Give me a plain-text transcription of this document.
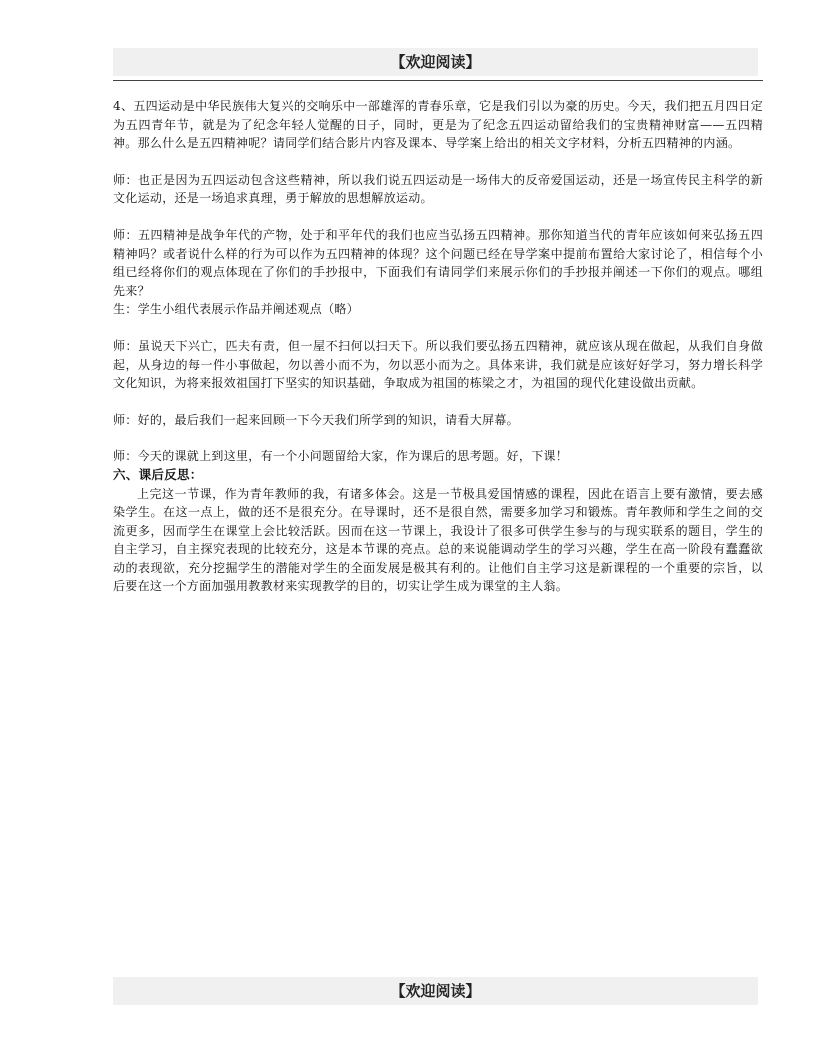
【欢迎阅读】

4、五四运动是中华民族伟大复兴的交响乐中一部雄浑的青春乐章，它是我们引以为豪的历史。今天，我们把五月四日定为五四青年节，就是为了纪念年轻人觉醒的日子，同时，更是为了纪念五四运动留给我们的宝贵精神财富——五四精神。那么什么是五四精神呢？请同学们结合影片内容及课本、导学案上给出的相关文字材料，分析五四精神的内涵。

师：也正是因为五四运动包含这些精神，所以我们说五四运动是一场伟大的反帝爱国运动，还是一场宣传民主科学的新文化运动，还是一场追求真理，勇于解放的思想解放运动。

师：五四精神是战争年代的产物，处于和平年代的我们也应当弘扬五四精神。那你知道当代的青年应该如何来弘扬五四精神吗？或者说什么样的行为可以作为五四精神的体现？这个问题已经在导学案中提前布置给大家讨论了，相信每个小组已经将你们的观点体现在了你们的手抄报中，下面我们有请同学们来展示你们的手抄报并阐述一下你们的观点。哪组先来？

生：学生小组代表展示作品并阐述观点（略）

师：虽说天下兴亡，匹夫有责，但一屋不扫何以扫天下。所以我们要弘扬五四精神，就应该从现在做起，从我们自身做起，从身边的每一件小事做起，勿以善小而不为，勿以恶小而为之。具体来讲，我们就是应该好好学习，努力增长科学文化知识，为将来报效祖国打下坚实的知识基础，争取成为祖国的栋梁之才，为祖国的现代化建设做出贡献。

师：好的，最后我们一起来回顾一下今天我们所学到的知识，请看大屏幕。

师：今天的课就上到这里，有一个小问题留给大家，作为课后的思考题。好，下课！

六、课后反思：

上完这一节课，作为青年教师的我，有诸多体会。这是一节极具爱国情感的课程，因此在语言上要有激情，要去感染学生。在这一点上，做的还不是很充分。在导课时，还不是很自然，需要多加学习和锻炼。青年教师和学生之间的交流更多，因而学生在课堂上会比较活跃。因而在这一节课上，我设计了很多可供学生参与的与现实联系的题目，学生的自主学习，自主探究表现的比较充分，这是本节课的亮点。总的来说能调动学生的学习兴趣，学生在高一阶段有蠢蠢欲动的表现欲，充分挖掘学生的潜能对学生的全面发展是极其有利的。让他们自主学习这是新课程的一个重要的宗旨，以后要在这一个方面加强用教教材来实现教学的目的，切实让学生成为课堂的主人翁。

【欢迎阅读】
